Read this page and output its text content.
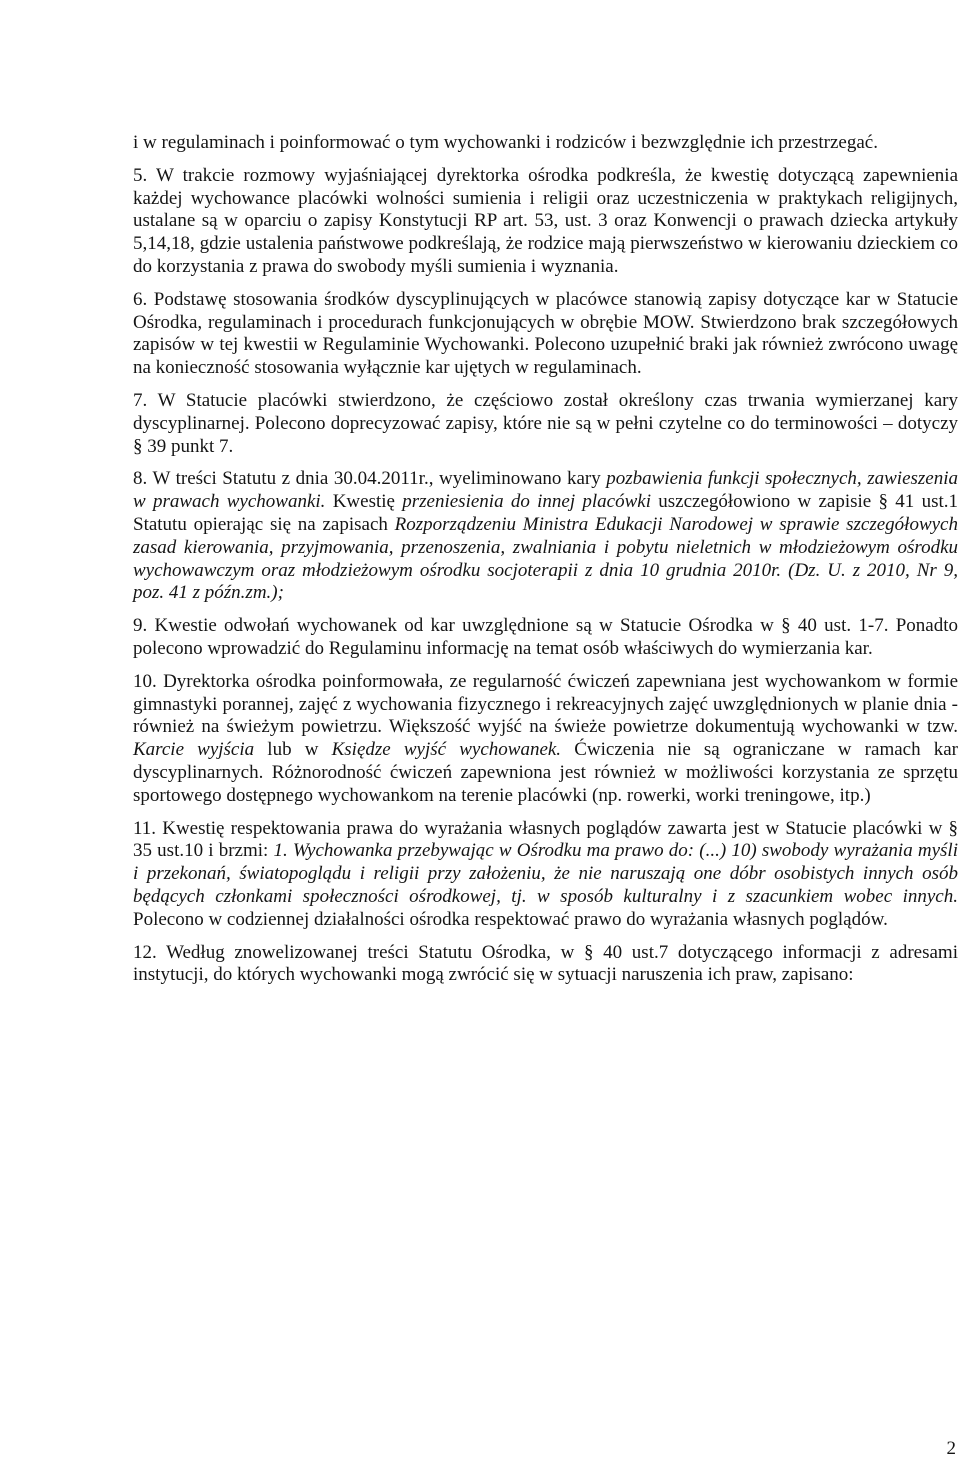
i w regulaminach i poinformować o tym wychowanki i rodziców i bezwzględnie ich przestrzegać.

5. W trakcie rozmowy wyjaśniającej dyrektorka ośrodka podkreśla, że kwestię dotyczącą zapewnienia każdej wychowance placówki wolności sumienia i religii oraz uczestniczenia w praktykach religijnych, ustalane są w oparciu o zapisy Konstytucji RP art. 53, ust. 3 oraz Konwencji o prawach dziecka artykuły 5,14,18, gdzie ustalenia państwowe podkreślają, że rodzice mają pierwszeństwo w kierowaniu dzieckiem co do korzystania z prawa do swobody myśli sumienia i wyznania.

6. Podstawę stosowania środków dyscyplinujących w placówce stanowią zapisy dotyczące kar w Statucie Ośrodka, regulaminach i procedurach funkcjonujących w obrębie MOW. Stwierdzono brak szczegółowych zapisów w tej kwestii w Regulaminie Wychowanki. Polecono uzupełnić braki jak również zwrócono uwagę na konieczność stosowania wyłącznie kar ujętych w regulaminach.

7. W Statucie placówki stwierdzono, że częściowo został określony czas trwania wymierzanej kary dyscyplinarnej. Polecono doprecyzować zapisy, które nie są w pełni czytelne co do terminowości – dotyczy § 39 punkt 7.

8. W treści Statutu z dnia 30.04.2011r., wyeliminowano kary pozbawienia funkcji społecznych, zawieszenia w prawach wychowanki. Kwestię przeniesienia do innej placówki uszczegółowiono w zapisie § 41 ust.1 Statutu opierając się na zapisach Rozporządzeniu Ministra Edukacji Narodowej w sprawie szczegółowych zasad kierowania, przyjmowania, przenoszenia, zwalniania i pobytu nieletnich w młodzieżowym ośrodku wychowawczym oraz młodzieżowym ośrodku socjoterapii z dnia 10 grudnia 2010r. (Dz. U. z 2010, Nr 9, poz. 41 z późn.zm.);

9. Kwestie odwołań wychowanek od kar uwzględnione są w Statucie Ośrodka w § 40 ust. 1-7. Ponadto polecono wprowadzić do Regulaminu informację na temat osób właściwych do wymierzania kar.

10. Dyrektorka ośrodka poinformowała, ze regularność ćwiczeń zapewniana jest wychowankom w formie gimnastyki porannej, zajęć z wychowania fizycznego i rekreacyjnych zajęć uwzględnionych w planie dnia - również na świeżym powietrzu. Większość wyjść na świeże powietrze dokumentują wychowanki w tzw. Karcie wyjścia lub w Księdze wyjść wychowanek. Ćwiczenia nie są ograniczane w ramach kar dyscyplinarnych. Różnorodność ćwiczeń zapewniona jest również w możliwości korzystania ze sprzętu sportowego dostępnego wychowankom na terenie placówki (np. rowerki, worki treningowe, itp.)

11. Kwestię respektowania prawa do wyrażania własnych poglądów zawarta jest w Statucie placówki w § 35 ust.10 i brzmi: 1. Wychowanka przebywając w Ośrodku ma prawo do: (...) 10) swobody wyrażania myśli i przekonań, światopoglądu i religii przy założeniu, że nie naruszają one dóbr osobistych innych osób będących członkami społeczności ośrodkowej, tj. w sposób kulturalny i z szacunkiem wobec innych. Polecono w codziennej działalności ośrodka respektować prawo do wyrażania własnych poglądów.

12. Według znowelizowanej treści Statutu Ośrodka, w § 40 ust.7 dotyczącego informacji z adresami instytucji, do których wychowanki mogą zwrócić się w sytuacji naruszenia ich praw, zapisano:

2
